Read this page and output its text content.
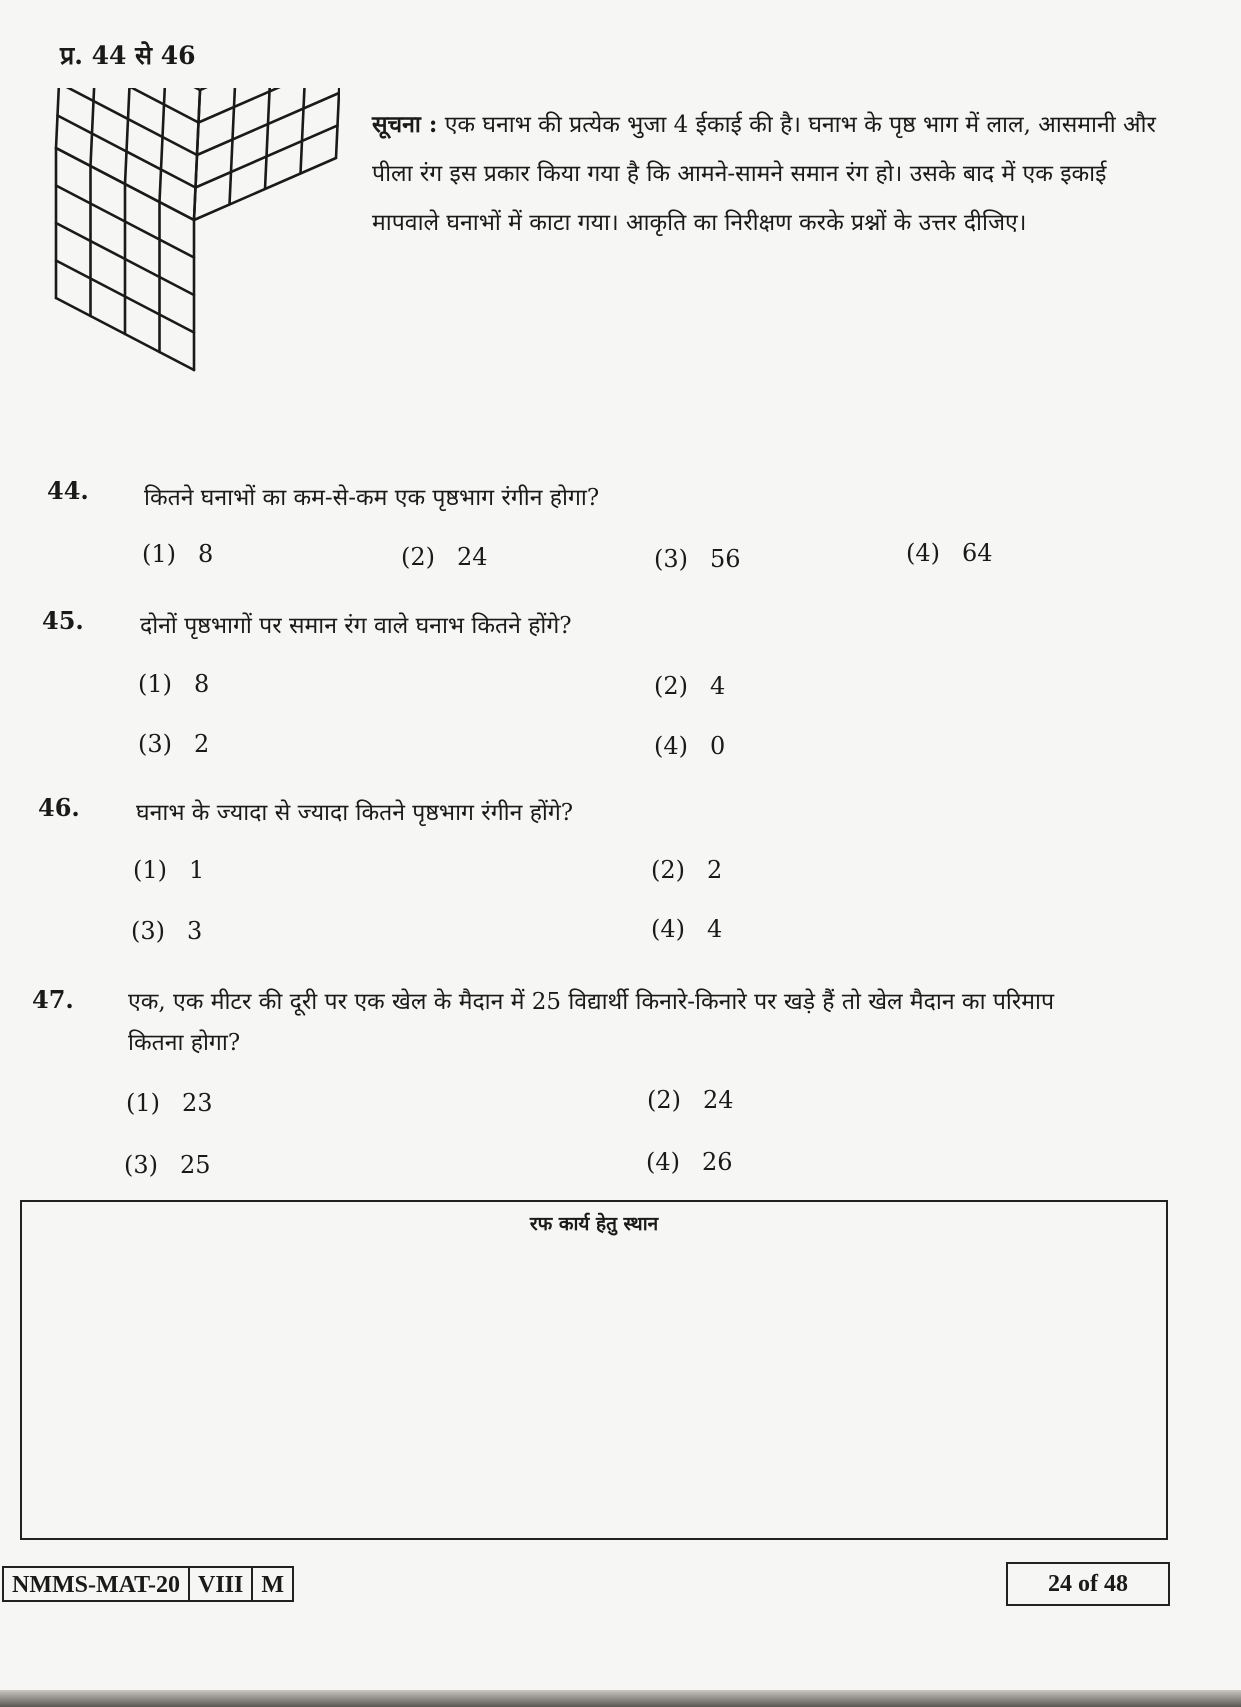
प्र. 44 से 46
सूचना : एक घनाभ की प्रत्येक भुजा 4 ईकाई की है। घनाभ के पृष्ठ भाग में लाल, आसमानी और पीला रंग इस प्रकार किया गया है कि आमने-सामने समान रंग हो। उसके बाद में एक इकाई मापवाले घनाभों में काटा गया। आकृति का निरीक्षण करके प्रश्नों के उत्तर दीजिए।
44. कितने घनाभों का कम-से-कम एक पृष्ठभाग रंगीन होगा?
(1) 8	(2) 24	(3) 56	(4) 64
45. दोनों पृष्ठभागों पर समान रंग वाले घनाभ कितने होंगे?
(1) 8	(2) 4
(3) 2	(4) 0
46. घनाभ के ज्यादा से ज्यादा कितने पृष्ठभाग रंगीन होंगे?
(1) 1	(2) 2
(3) 3	(4) 4
47. एक, एक मीटर की दूरी पर एक खेल के मैदान में 25 विद्यार्थी किनारे-किनारे पर खड़े हैं तो खेल मैदान का परिमाप
कितना होगा?
(1) 23	(2) 24
(3) 25	(4) 26
रफ कार्य हेतु स्थान
NMMS-MAT-20 VIII M	24 of 48
